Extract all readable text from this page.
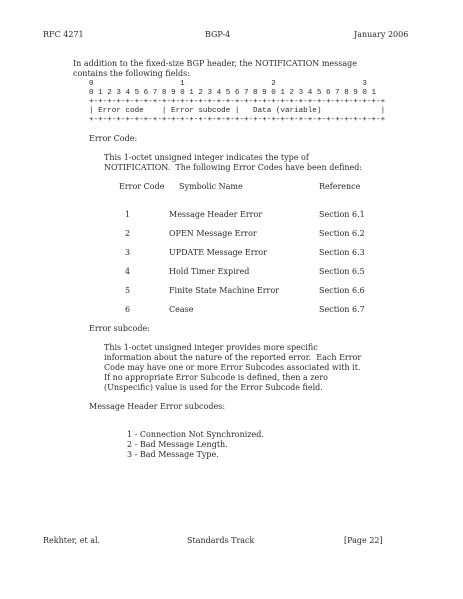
RFC 4271	BGP-4	January 2006
In addition to the fixed-size BGP header, the NOTIFICATION message
contains the following fields:
0                   1                   2                   3
0 1 2 3 4 5 6 7 8 9 0 1 2 3 4 5 6 7 8 9 0 1 2 3 4 5 6 7 8 9 0 1
+-+-+-+-+-+-+-+-+-+-+-+-+-+-+-+-+-+-+-+-+-+-+-+-+-+-+-+-+-+-+-+-+
| Error code    | Error subcode |   Data (variable)             |
+-+-+-+-+-+-+-+-+-+-+-+-+-+-+-+-+-+-+-+-+-+-+-+-+-+-+-+-+-+-+-+-+
Error Code:
This 1-octet unsigned integer indicates the type of
NOTIFICATION.  The following Error Codes have been defined:
Error Code Symbolic Name	Reference
1	Message Header Error	Section 6.1
2	OPEN Message Error	Section 6.2
3	UPDATE Message Error	Section 6.3
4	Hold Timer Expired	Section 6.5
5	Finite State Machine Error	Section 6.6
6	Cease	Section 6.7
Error subcode:
This 1-octet unsigned integer provides more specific
information about the nature of the reported error.  Each Error
Code may have one or more Error Subcodes associated with it.
If no appropriate Error Subcode is defined, then a zero
(Unspecific) value is used for the Error Subcode field.
Message Header Error subcodes:
1 - Connection Not Synchronized.
2 - Bad Message Length.
3 - Bad Message Type.
Rekhter, et al.	Standards Track	[Page 22]
